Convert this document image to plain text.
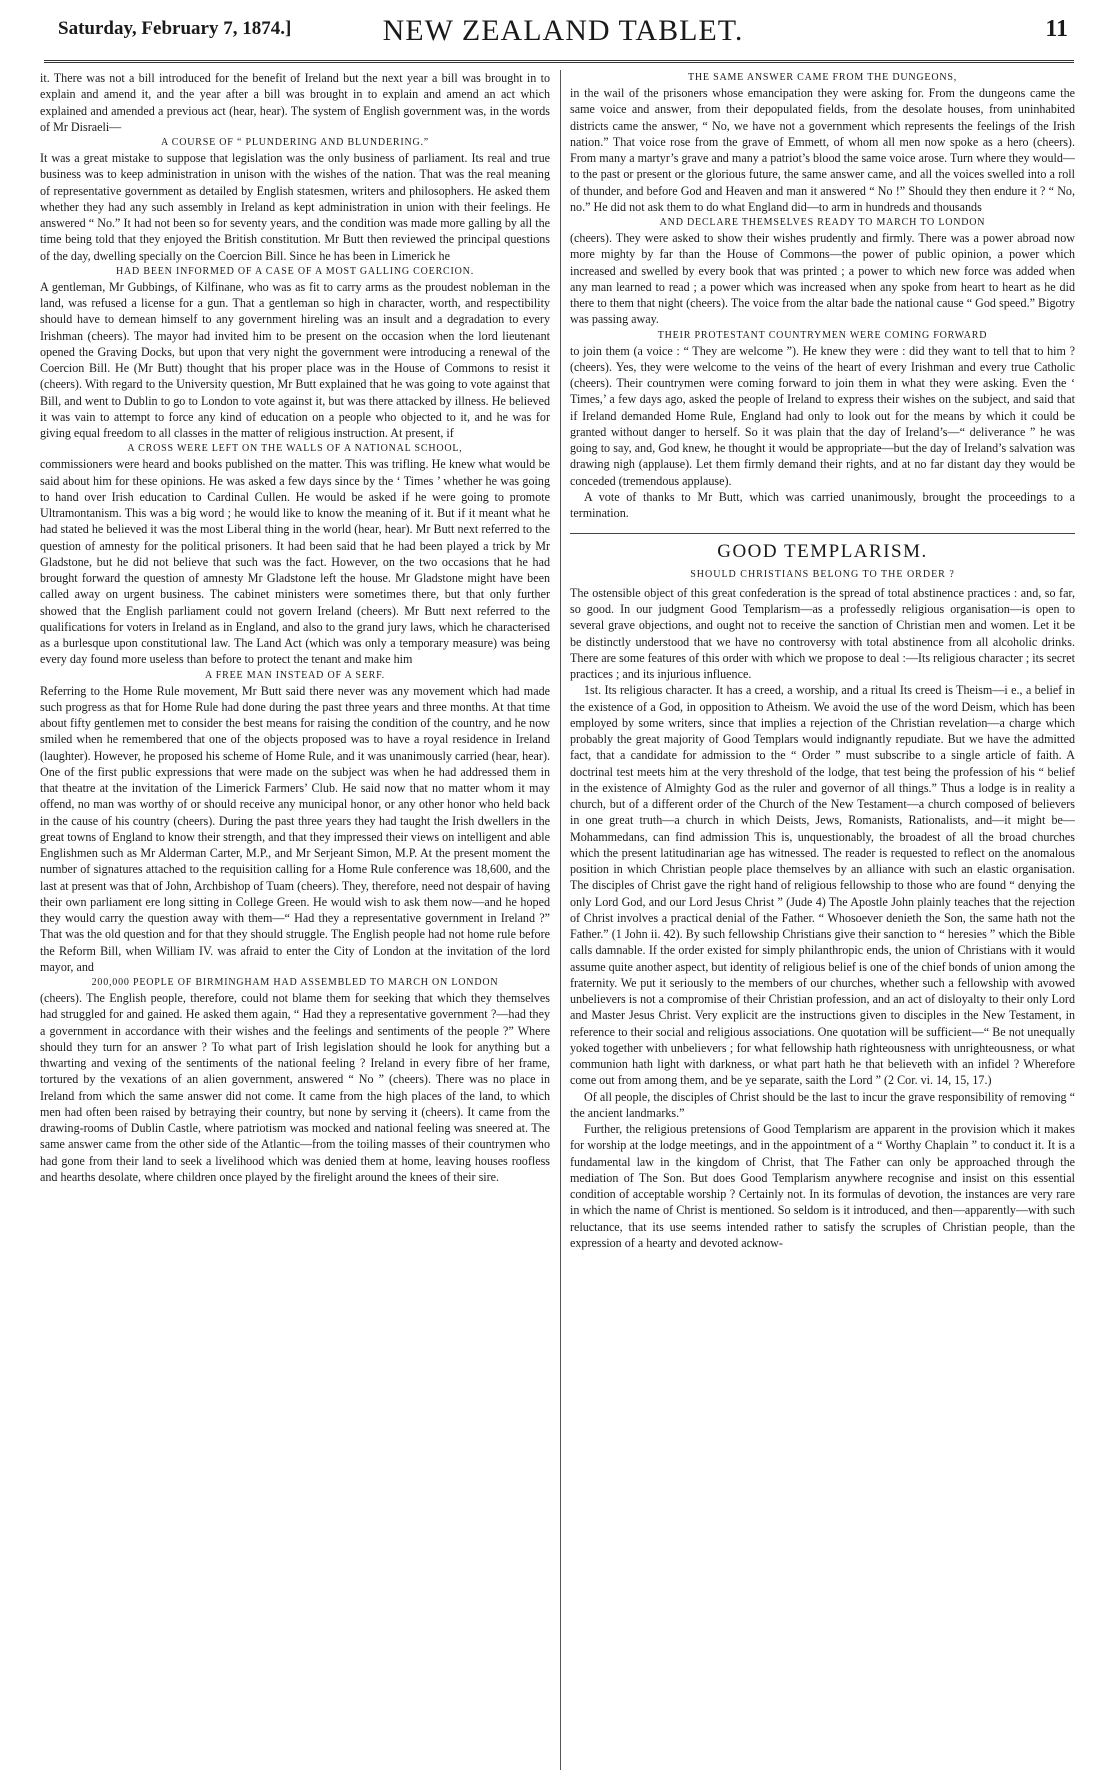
Saturday, February 7, 1874.]	NEW ZEALAND TABLET.	11

it. There was not a bill introduced for the benefit of Ireland but the next year a bill was brought in to explain and amend it, and the year after a bill was brought in to explain and amend an act which explained and amended a previous act (hear, hear). The system of English government was, in the words of Mr Disraeli—

A COURSE OF “ PLUNDERING AND BLUNDERING.”

It was a great mistake to suppose that legislation was the only business of parliament. Its real and true business was to keep administration in unison with the wishes of the nation. That was the real meaning of representative government as detailed by English statesmen, writers and philosophers. He asked them whether they had any such assembly in Ireland as kept administration in union with their feelings. He answered “ No.” It had not been so for seventy years, and the condition was made more galling by all the time being told that they enjoyed the British constitution. Mr Butt then reviewed the principal questions of the day, dwelling specially on the Coercion Bill. Since he has been in Limerick he

HAD BEEN INFORMED OF A CASE OF A MOST GALLING COERCION.

A gentleman, Mr Gubbings, of Kilfinane, who was as fit to carry arms as the proudest nobleman in the land, was refused a license for a gun. That a gentleman so high in character, worth, and respectibility should have to demean himself to any government hireling was an insult and a degradation to every Irishman (cheers). The mayor had invited him to be present on the occasion when the lord lieutenant opened the Graving Docks, but upon that very night the government were introducing a renewal of the Coercion Bill. He (Mr Butt) thought that his proper place was in the House of Commons to resist it (cheers). With regard to the University question, Mr Butt explained that he was going to vote against that Bill, and went to Dublin to go to London to vote against it, but was there attacked by illness. He believed it was vain to attempt to force any kind of education on a people who objected to it, and he was for giving equal freedom to all classes in the matter of religious instruction. At present, if

A CROSS WERE LEFT ON THE WALLS OF A NATIONAL SCHOOL,

commissioners were heard and books published on the matter. This was trifling. He knew what would be said about him for these opinions. He was asked a few days since by the ‘ Times ’ whether he was going to hand over Irish education to Cardinal Cullen. He would be asked if he were going to promote Ultramontanism. This was a big word ; he would like to know the meaning of it. But if it meant what he had stated he believed it was the most Liberal thing in the world (hear, hear). Mr Butt next referred to the question of amnesty for the political prisoners. It had been said that he had been played a trick by Mr Gladstone, but he did not believe that such was the fact. However, on the two occasions that he had brought forward the question of amnesty Mr Gladstone left the house. Mr Gladstone might have been called away on urgent business. The cabinet ministers were sometimes there, but that only further showed that the English parliament could not govern Ireland (cheers). Mr Butt next referred to the qualifications for voters in Ireland as in England, and also to the grand jury laws, which he characterised as a burlesque upon constitutional law. The Land Act (which was only a temporary measure) was being every day found more useless than before to protect the tenant and make him

A FREE MAN INSTEAD OF A SERF.

Referring to the Home Rule movement, Mr Butt said there never was any movement which had made such progress as that for Home Rule had done during the past three years and three months. At that time about fifty gentlemen met to consider the best means for raising the condition of the country, and he now smiled when he remembered that one of the objects proposed was to have a royal residence in Ireland (laughter). However, he proposed his scheme of Home Rule, and it was unanimously carried (hear, hear). One of the first public expressions that were made on the subject was when he had addressed them in that theatre at the invitation of the Limerick Farmers’ Club. He said now that no matter whom it may offend, no man was worthy of or should receive any municipal honor, or any other honor who held back in the cause of his country (cheers). During the past three years they had taught the Irish dwellers in the great towns of England to know their strength, and that they impressed their views on intelligent and able Englishmen such as Mr Alderman Carter, M.P., and Mr Serjeant Simon, M.P. At the present moment the number of signatures attached to the requisition calling for a Home Rule conference was 18,600, and the last at present was that of John, Archbishop of Tuam (cheers). They, therefore, need not despair of having their own parliament ere long sitting in College Green. He would wish to ask them now—and he hoped they would carry the question away with them—“ Had they a representative government in Ireland ?” That was the old question and for that they should struggle. The English people had not home rule before the Reform Bill, when William IV. was afraid to enter the City of London at the invitation of the lord mayor, and

200,000 PEOPLE OF BIRMINGHAM HAD ASSEMBLED TO MARCH ON LONDON

(cheers). The English people, therefore, could not blame them for seeking that which they themselves had struggled for and gained. He asked them again, “ Had they a representative government ?—had they a government in accordance with their wishes and the feelings and sentiments of the people ?” Where should they turn for an answer ? To what part of Irish legislation should he look for anything but a thwarting and vexing of the sentiments of the national feeling ? Ireland in every fibre of her frame, tortured by the vexations of an alien government, answered “ No ” (cheers). There was no place in Ireland from which the same answer did not come. It came from the high places of the land, to which men had often been raised by betraying their country, but none by serving it (cheers). It came from the drawing-rooms of Dublin Castle, where patriotism was mocked and national feeling was sneered at. The same answer came from the other side of the Atlantic—from the toiling masses of their countrymen who had gone from their land to seek a livelihood which was denied them at home, leaving houses roofless and hearths desolate, where children once played by the firelight around the knees of their sire.

THE SAME ANSWER CAME FROM THE DUNGEONS,

in the wail of the prisoners whose emancipation they were asking for. From the dungeons came the same voice and answer, from their depopulated fields, from the desolate houses, from uninhabited districts came the answer, “ No, we have not a government which represents the feelings of the Irish nation.” That voice rose from the grave of Emmett, of whom all men now spoke as a hero (cheers). From many a martyr’s grave and many a patriot’s blood the same voice arose. Turn where they would—to the past or present or the glorious future, the same answer came, and all the voices swelled into a roll of thunder, and before God and Heaven and man it answered “ No !” Should they then endure it ? “ No, no.” He did not ask them to do what England did—to arm in hundreds and thousands

AND DECLARE THEMSELVES READY TO MARCH TO LONDON

(cheers). They were asked to show their wishes prudently and firmly. There was a power abroad now more mighty by far than the House of Commons—the power of public opinion, a power which increased and swelled by every book that was printed ; a power to which new force was added when any man learned to read ; a power which was increased when any spoke from heart to heart as he did there to them that night (cheers). The voice from the altar bade the national cause “ God speed.” Bigotry was passing away.

THEIR PROTESTANT COUNTRYMEN WERE COMING FORWARD

to join them (a voice : “ They are welcome ”). He knew they were : did they want to tell that to him ? (cheers). Yes, they were welcome to the veins of the heart of every Irishman and every true Catholic (cheers). Their countrymen were coming forward to join them in what they were asking. Even the ‘ Times,’ a few days ago, asked the people of Ireland to express their wishes on the subject, and said that if Ireland demanded Home Rule, England had only to look out for the means by which it could be granted without danger to herself. So it was plain that the day of Ireland’s—“ deliverance ” he was going to say, and, God knew, he thought it would be appropriate—but the day of Ireland’s salvation was drawing nigh (applause). Let them firmly demand their rights, and at no far distant day they would be conceded (tremendous applause).

A vote of thanks to Mr Butt, which was carried unanimously, brought the proceedings to a termination.

GOOD TEMPLARISM.
SHOULD CHRISTIANS BELONG TO THE ORDER ?

The ostensible object of this great confederation is the spread of total abstinence practices : and, so far, so good. In our judgment Good Templarism—as a professedly religious organisation—is open to several grave objections, and ought not to receive the sanction of Christian men and women. Let it be be distinctly understood that we have no controversy with total abstinence from all alcoholic drinks. There are some features of this order with which we propose to deal :—Its religious character ; its secret practices ; and its injurious influence.

1st. Its religious character. It has a creed, a worship, and a ritual Its creed is Theism—i e., a belief in the existence of a God, in opposition to Atheism. We avoid the use of the word Deism, which has been employed by some writers, since that implies a rejection of the Christian revelation—a charge which probably the great majority of Good Templars would indignantly repudiate. But we have the admitted fact, that a candidate for admission to the “ Order ” must subscribe to a single article of faith. A doctrinal test meets him at the very threshold of the lodge, that test being the profession of his “ belief in the existence of Almighty God as the ruler and governor of all things.” Thus a lodge is in reality a church, but of a different order of the Church of the New Testament—a church composed of believers in one great truth—a church in which Deists, Jews, Romanists, Rationalists, and—it might be—Mohammedans, can find admission This is, unquestionably, the broadest of all the broad churches which the present latitudinarian age has witnessed. The reader is requested to reflect on the anomalous position in which Christian people place themselves by an alliance with such an elastic organisation. The disciples of Christ gave the right hand of religious fellowship to those who are found “ denying the only Lord God, and our Lord Jesus Christ ” (Jude 4) The Apostle John plainly teaches that the rejection of Christ involves a practical denial of the Father. “ Whosoever denieth the Son, the same hath not the Father.” (1 John ii. 42). By such fellowship Christians give their sanction to “ heresies ” which the Bible calls damnable. If the order existed for simply philanthropic ends, the union of Christians with it would assume quite another aspect, but identity of religious belief is one of the chief bonds of union among the fraternity. We put it seriously to the members of our churches, whether such a fellowship with avowed unbelievers is not a compromise of their Christian profession, and an act of disloyalty to their only Lord and Master Jesus Christ. Very explicit are the instructions given to disciples in the New Testament, in reference to their social and religious associations. One quotation will be sufficient—“ Be not unequally yoked together with unbelievers ; for what fellowship hath righteousness with unrighteousness, or what communion hath light with darkness, or what part hath he that believeth with an infidel ? Wherefore come out from among them, and be ye separate, saith the Lord ” (2 Cor. vi. 14, 15, 17.)

Of all people, the disciples of Christ should be the last to incur the grave responsibility of removing “ the ancient landmarks.”

Further, the religious pretensions of Good Templarism are apparent in the provision which it makes for worship at the lodge meetings, and in the appointment of a “ Worthy Chaplain ” to conduct it. It is a fundamental law in the kingdom of Christ, that The Father can only be approached through the mediation of The Son. But does Good Templarism anywhere recognise and insist on this essential condition of acceptable worship ? Certainly not. In its formulas of devotion, the instances are very rare in which the name of Christ is mentioned. So seldom is it introduced, and then—apparently—with such reluctance, that its use seems intended rather to satisfy the scruples of Christian people, than the expression of a hearty and devoted acknow-
